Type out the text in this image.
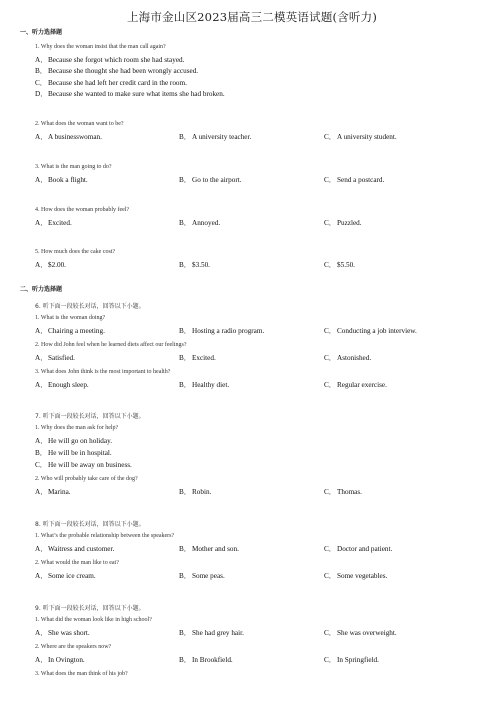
上海市金山区2023届高三二模英语试题(含听力)
一、听力选择题
1. Why does the woman insist that the man call again?
A．Because she forgot which room she had stayed.
B．Because she thought she had been wrongly accused.
C．Because she had left her credit card in the room.
D．Because she wanted to make sure what items she had broken.
2. What does the woman want to be?
A．A businesswoman.	B．A university teacher.	C．A university student.
3. What is the man going to do?
A．Book a flight.	B．Go to the airport.	C．Send a postcard.
4. How does the woman probably feel?
A．Excited.	B．Annoyed.	C．Puzzled.
5. How much does the cake cost?
A．$2.00.	B．$3.50.	C．$5.50.
二、听力选择题
6. 听下面一段较长对话，回答以下小题。
1. What is the woman doing?
A．Chairing a meeting.	B．Hosting a radio program.	C．Conducting a job interview.
2. How did John feel when he learned diets affect our feelings?
A．Satisfied.	B．Excited.	C．Astonished.
3. What does John think is the most important to health?
A．Enough sleep.	B．Healthy diet.	C．Regular exercise.
7. 听下面一段较长对话，回答以下小题。
1. Why does the man ask for help?
A．He will go on holiday.
B．He will be in hospital.
C．He will be away on business.
2. Who will probably take care of the dog?
A．Marina.	B．Robin.	C．Thomas.
8. 听下面一段较长对话，回答以下小题。
1. What’s the probable relationship between the speakers?
A．Waitress and customer.	B．Mother and son.	C．Doctor and patient.
2. What would the man like to eat?
A．Some ice cream.	B．Some peas.	C．Some vegetables.
9. 听下面一段较长对话，回答以下小题。
1. What did the woman look like in high school?
A．She was short.	B．She had grey hair.	C．She was overweight.
2. Where are the speakers now?
A．In Ovington.	B．In Brookfield.	C．In Springfield.
3. What does the man think of his job?
